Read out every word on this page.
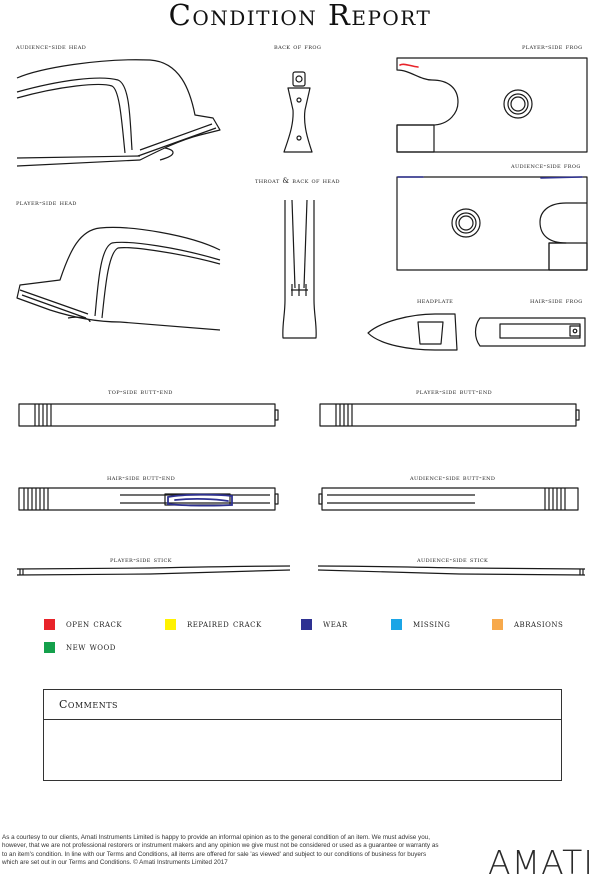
Condition Report
audience-side head	back of frog	player-side frog
audience-side frog
player-side head
throat & back of head
headplate	hair-side frog
top-side butt-end	player-side butt-end
hair-side butt-end	audience-side butt-end
player-side stick	audience-side stick
open crack	repaired crack	wear	missing	abrasions
new wood
Comments
As a courtesy to our clients, Amati Instruments Limited is happy to provide an informal opinion as to the general condition of an item. We must advise you, however, that we are not professional restorers or instrument makers and any opinion we give must not be considered or used as a guarantee or warranty as to an item's condition. In line with our Terms and Conditions, all items are offered for sale 'as viewed' and subject to our conditions of business for buyers which are set out in our Terms and Conditions. © Amati Instruments Limited 2017	AMATI
